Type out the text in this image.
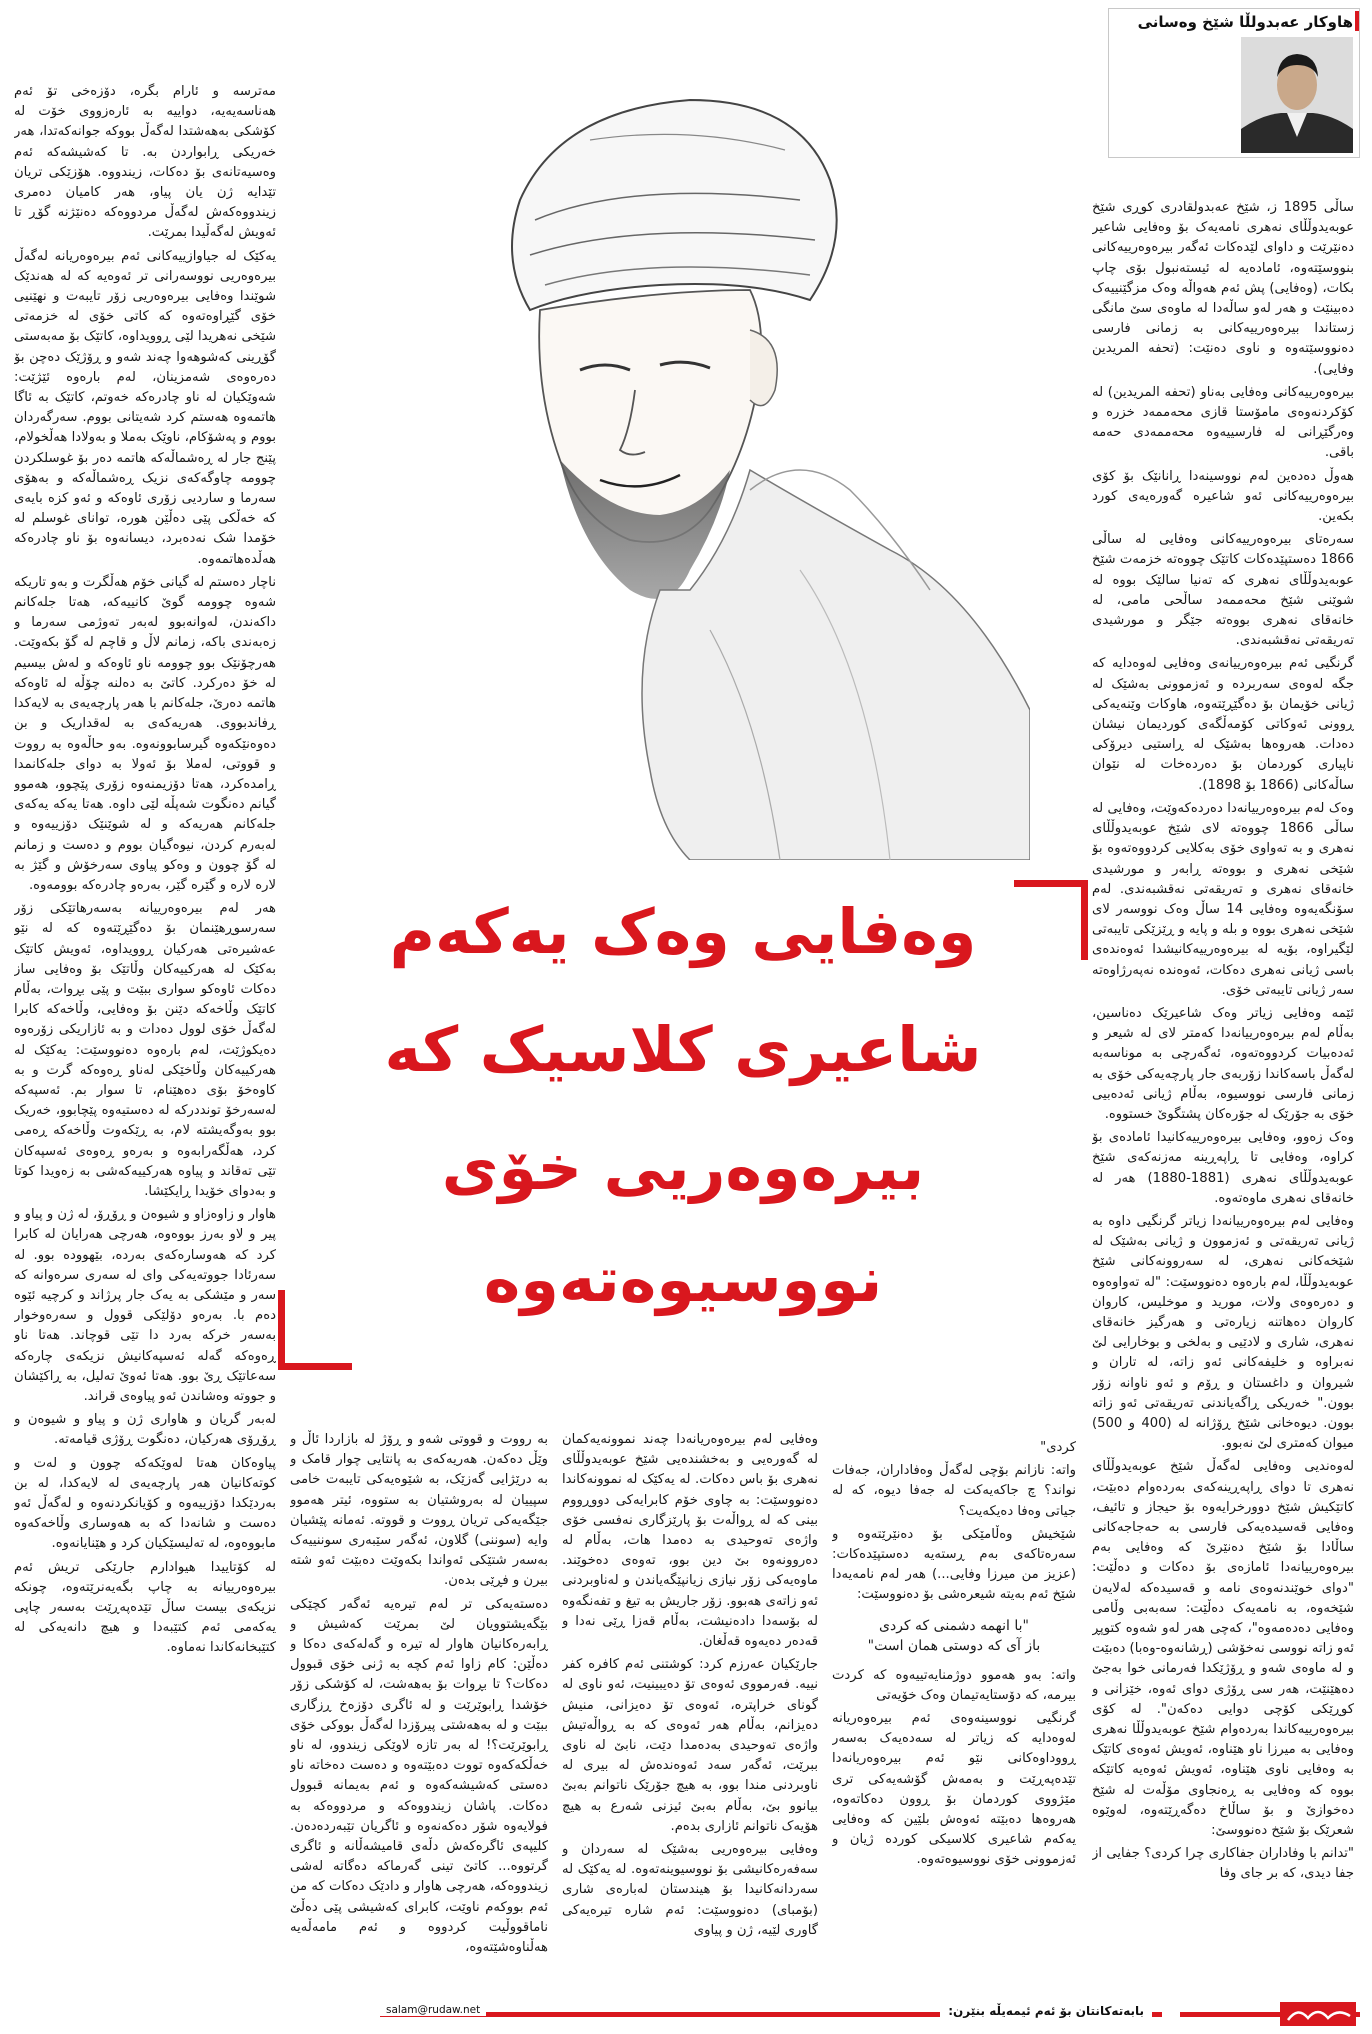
هاوکار عەبدولڵا شێخ وەسانی
وەفایی وەک یەکەم
شاعیری کلاسیک کە
بیرەوەریی خۆی
نووسیوەتەوە

ساڵی 1895 ز، شێخ عەبدولقادری کوڕی شێخ عوبەیدوڵڵای نەهری نامەیەک بۆ وەفایی شاعیر دەنێرێت و داوای لێدەکات ئەگەر بیرەوەرییەکانی بنووسێتەوە، ئامادەیە لە ئیستەنبول بۆی چاپ بکات، (وەفایی) پش ئەم هەواڵە وەک مزگێنییەک دەبینێت و هەر لەو ساڵەدا لە ماوەی سێ مانگی زستاندا بیرەوەرییەکانی بە زمانی فارسی دەنووسێتەوە و ناوی دەنێت: (تحفە المریدین وفایی).

بیرەوەرییەکانی وەفایی بەناو (تحفە المریدین) لە کۆکردنەوەی مامۆستا قازی محەممەد خزرە و وەرگێڕانی لە فارسییەوە محەممەدی حەمە باقی.

هەوڵ دەدەین لەم نووسینەدا ڕانانێک بۆ کۆی بیرەوەرییەکانی ئەو شاعیرە گەورەیەی کورد بکەین.

سەرەتای بیرەوەرییەکانی وەفایی لە ساڵی 1866 دەستپێدەکات کاتێک چووەتە خزمەت شێخ عوبەیدوڵڵای نەهری کە تەنیا سالێک بووە لە شوێنی شێخ محەممەد ساڵحی مامی، لە خانەقای نەهری بووەتە جێگر و مورشیدی تەریقەتی نەقشبەندی.

گرنگیی ئەم بیرەوەرییانەی وەفایی لەوەدایە کە جگە لەوەی سەربردە و ئەزموونی بەشێک لە ژیانی خۆیمان بۆ دەگێڕێتەوە، هاوکات وێنەیەکی ڕوونی ئەوکاتی کۆمەڵگەی کوردیمان نیشان دەدات. هەروەها بەشێک لە ڕاستیی دیرۆکی ناپیاری کوردمان بۆ دەردەخات لە نێوان ساڵەکانی (1866 بۆ 1898).

وەک لەم بیرەوەرییانەدا دەردەکەوێت، وەفایی لە ساڵی 1866 چووەتە لای شێخ عوبەیدوڵڵای نەهری و بە تەواوی خۆی بەکلایی کردووەتەوە بۆ شێخی نەهری و بووەتە ڕابەر و مورشیدی خانەقای نەهری و تەریقەتی نەقشبەندی. لەم سۆنگەیەوە وەفایی 14 ساڵ وەک نووسەر لای شێخی نەهری بووە و بلە و پایە و ڕێزێکی تایبەتی لێگیراوە، بۆیە لە بیرەوەرییەکانیشدا ئەوەندەی باسی ژیانی نەهری دەکات، ئەوەندە نەپەرژاوەتە سەر ژیانی تایبەتی خۆی.

ئێمە وەفایی زیاتر وەک شاعیرێک دەناسین، بەڵام لەم بیرەوەرییانەدا کەمتر لای لە شیعر و ئەدەبیات کردووەتەوە، ئەگەرچی بە موناسەبە لەگەڵ باسەکاندا زۆربەی جار پارچەیەکی خۆی بە زمانی فارسی نووسیوە، بەڵام ژیانی ئەدەبیی خۆی بە جۆرێک لە جۆرەکان پشتگوێ خستووە.

وەک زەوو، وەفایی بیرەوەرییەکانیدا ئامادەی بۆ کراوە، وەفایی تا ڕاپەڕینە مەزنەکەی شێخ عوبەیدوڵڵای نەهری (1881-1880) هەر لە خانەقای نەهری ماوەتەوە.

وەفایی لەم بیرەوەرییانەدا زیاتر گرنگیی داوە بە ژیانی تەریقەتی و ئەزموون و ژیانی بەشێک لە شێخەکانی نەهری، لە سەروونەکانی شێخ عوبەیدوڵڵا، لەم بارەوە دەنووسێت: "لە تەواوەوە و دەرەوەی ولات، مورید و موخلیس، کاروان کاروان دەهاتنە زیارەتی و هەرگیز خانەقای نەهری، شاری و لادێیی و بەلخی و بوخارایی لێ نەبراوە و خلیفەکانی ئەو زاتە، لە تاران و شیروان و داغستان و ڕۆم و ئەو ناوانە زۆر بوون." خەریکی ڕاگەیاندنی تەریقەتی ئەو زاتە بوون. دیوەخانی شێخ ڕۆژانە لە (400 و 500) میوان کەمتری لێ نەبوو.

لەوەندیی وەفایی لەگەڵ شێخ عوبەیدوڵڵای نەهری تا دوای ڕاپەڕینەکەی بەردەوام دەبێت، کاتێکیش شێخ دوورخرایەوە بۆ حیجاز و تائیف، وەفایی قەسیدەیەکی فارسی بە حەجاجەکانی ساڵادا بۆ شێخ دەنێرێ کە وەفایی بەم بیرەوەرییانەدا ئامازەی بۆ دەکات و دەڵێت: "دوای خوێندنەوەی نامە و قەسیدەکە لەلایەن شێخەوە، بە نامەیەک دەڵێت: سەبەبی وڵامی وەفایی دەدەمەوە"، کەچی هەر لەو شەوە کتوپڕ ئەو زاتە نووسی نەخۆشی (ڕشانەوە-وەبا) دەبێت و لە ماوەی شەو و ڕۆژێکدا فەرمانی خوا بەجێ دەهێنێت، هەر سی ڕۆژی دوای ئەوە، خێزانی و کوڕێکی کۆچی دوایی دەکەن". لە کۆی بیرەوەرییەکاندا بەردەوام شێخ عوبەیدوڵڵا نەهری وەفایی بە میرزا ناو هێناوە، ئەویش ئەوەی کاتێک بە وەفایی ناوی هێناوە، ئەویش ئەوەیە کاتێکە بووە کە وەفایی بە ڕەنجاوی مۆڵەت لە شێخ دەخوازێ و بۆ ساڵاخ دەگەڕێتەوە، لەوێوە شعرێک بۆ شێخ دەنووسێ:

"تدانم با وفاداران جفاکاری چرا کردی؟ جفایی از جفا دیدی، که بر جای وفا

مەترسە و ئارام بگرە، دۆزەخی تۆ ئەم هەناسەیەیە، دواییە بە ئارەزووی خۆت لە کۆشکی بەهەشتدا لەگەڵ بووکە جوانەکەتدا، هەر خەریکی ڕابواردن بە. تا کەشیشەکە ئەم وەسیەتانەی بۆ دەکات، زیندووە. هۆزێکی تریان تێدایە ژن یان پیاو، هەر کامیان دەمری زیندووەکەش لەگەڵ مردووەکە دەنێژنە گۆڕ تا ئەویش لەگەڵیدا بمرێت.

یەکێک لە جیاوازییەکانی ئەم بیرەوەریانە لەگەڵ بیرەوەریی نووسەرانی تر ئەوەیە کە لە هەندێک شوێندا وەفایی بیرەوەریی زۆر تایبەت و نهێنیی خۆی گێڕاوەتەوە کە کاتی خۆی لە خزمەتی شێخی نەهریدا لێی ڕوویداوە، کاتێک بۆ مەبەستی گۆڕینی کەشوهەوا چەند شەو و ڕۆژێک دەچن بۆ دەرەوەی شەمزینان، لەم بارەوە ئێژێت: شەوێکیان لە ناو چادرەکە خەوتم، کاتێک بە ئاگا هاتمەوە هەستم کرد شەیتانی بووم. سەرگەردان بووم و پەشۆکام، ناوێک بەملا و بەولادا هەڵخولام، پێنج جار لە ڕەشماڵەکە هاتمە دەر بۆ غوسلکردن چوومە چاوگەکەی نزیک ڕەشماڵەکە و بەهۆی سەرما و ساردیی زۆری ئاوەکە و ئەو کزە بایەی کە خەڵکی پێی دەڵێن هورە، توانای غوسلم لە خۆمدا شک نەدەبرد، دیسانەوە بۆ ناو چادرەکە هەڵدەهاتمەوە.

ناچار دەستم لە گیانی خۆم هەڵگرت و بەو تاریکە شەوە چوومە گوێ کانییەکە، هەتا جلەکانم داکەندن، لەوانەبوو لەبەر تەوژمی سەرما و زەبەندی باکە، زمانم لاڵ و قاچم لە گۆ بکەوێت. هەرچۆنێک بوو چوومە ناو ئاوەکە و لەش بیسیم لە خۆ دەرکرد. کاتێ بە دەلنە چۆڵە لە ئاوەکە هاتمە دەرێ، جلەکانم با هەر پارچەیەی بە لایەکدا ڕفاندبووی. هەریەکەی بە لەقداریک و بن دەوەنێکەوە گیرسابوونەوە. بەو حاڵەوە بە رووت و قووتی، لەملا بۆ ئەولا بە دوای جلەکانمدا ڕامدەکرد، هەتا دۆزیمنەوە زۆری پێچوو، هەموو گیانم دەنگوت شەپڵە لێی داوە. هەتا یەکە یەکەی جلەکانم هەریەکە و لە شوێنێک دۆزییەوە و لەبەرم کردن، نیوەگیان بووم و دەست و زمانم لە گۆ چوون و وەکو پیاوی سەرخۆش و گێژ بە لارە لارە و گێرە گێر، بەرەو چادرەکە بوومەوە.

هەر لەم بیرەوەرییانە بەسەرهاتێکی زۆر سەرسوڕهێنمان بۆ دەگێڕێتەوە کە لە نێو عەشیرەتی هەرکیان ڕوویداوە، ئەویش کاتێک بەکێک لە هەرکییەکان وڵاتێک بۆ وەفایی ساز دەکات ئاوەکو سواری ببێت و پێی بڕوات، بەڵام کاتێک وڵاخەکە دێنن بۆ وەفایی، وڵاخەکە کابرا لەگەڵ خۆی لوول دەدات و بە ئازاریکی زۆرەوە دەیکوژێت، لەم بارەوە دەنووسێت: یەکێک لە هەرکییەکان وڵاخێکی لەناو ڕەوەکە گرت و بە کاوەخۆ بۆی دەهێنام، تا سوار بم. ئەسپەکە لەسەرخۆ تونددرکە لە دەستیەوە پێچابوو، خەریک بوو بەوگەیشتە لام، بە ڕێکەوت وڵاخەکە ڕەمی کرد، هەڵگەرابەوە و بەرەو ڕەوەی ئەسپەکان تێی تەقاند و پیاوە هەرکییەکەشی بە زەویدا کوتا و بەدوای خۆیدا ڕایکێشا.

هاوار و زاوەزاو و شیوەن و ڕۆڕۆ، لە ژن و پیاو و پیر و لاو بەرز بووەوە، هەرچی هەرایان لە کابرا کرد کە هەوسارەکەی بەردە، بێهوودە بوو. لە سەرئادا جووتەیەکی وای لە سەری سرەوانە کە سەر و مێشکی بە یەک جار پرژاند و کرچیە ئێوە دەم با. بەرەو دۆلێکی قوول و سەرەوخوار بەسەر خرکە بەرد دا تێی قوچاند. هەتا ناو ڕەوەکە گەلە ئەسپەکانیش نزیکەی چارەکە سەعاتێک ڕێ بوو. هەتا ئەوێ تەلیل، بە ڕاکێشان و جووتە وەشاندن ئەو پیاوەی قراند.

لەبەر گریان و هاواری ژن و پیاو و شیوەن و ڕۆڕۆی هەرکیان، دەنگوت ڕۆژی قیامەتە.

پیاوەکان هەتا لەوێکەکە چوون و لەت و کوتەکانیان هەر پارچەیەی لە لایەکدا، لە بن بەردێکدا دۆزییەوە و کۆیانکردنەوە و لەگەڵ ئەو دەست و شانەدا کە بە هەوساری وڵاخەکەوە مابووەوە، لە تەلیسێکیان کرد و هێنایانەوە.

لە کۆتاییدا هیوادارم جارێکی تریش ئەم بیرەوەرییانە بە چاپ بگەیەنرێتەوە، چونکە نزیکەی بیست ساڵ تێدەپەڕێت بەسەر چاپی یەکەمی ئەم کتێبەدا و هیچ دانەیەکی لە کتێبخانەکاندا نەماوە.

کردی"

واتە: نازانم بۆچی لەگەڵ وەفاداران، جەفات نواند؟ چ جاکەیەکت لە جەفا دیوە، کە لە جیاتی وەفا دەیکەیت؟

شێخیش وەڵامێکی بۆ دەنێرێتەوە و سەرەتاکەی بەم ڕستەیە دەستپێدەکات: (عزیز من میرزا وفایی...) هەر لەم نامەیەدا شێخ ئەم بەیتە شیعرەشی بۆ دەنووسێت:

"با انهمه دشمنی که کردی
باز آی که دوستی همان است"

واتە: بەو هەموو دوژمنایەتییەوە کە کردت بیرمە، کە دۆستایەتیمان وەک خۆیەتی

گرنگیی نووسینەوەی ئەم بیرەوەریانە لەوەدایە کە زیاتر لە سەدەیەک بەسەر ڕووداوەکانی نێو ئەم بیرەوەریانەدا تێدەپەڕێت و بەمەش گۆشەیەکی تری مێژووی کوردمان بۆ ڕوون دەکاتەوە، هەروەها دەبێتە ئەوەش بلێین کە وەفایی یەکەم شاعیری کلاسیکی کوردە ژیان و ئەزموونی خۆی نووسیوەتەوە.

وەفایی لەم بیرەوەریانەدا چەند نموونەیەکمان لە گەورەیی و بەخشندەیی شێخ عوبەیدوڵڵای نەهری بۆ باس دەکات. لە یەکێک لە نموونەکاندا دەنووسێت: بە چاوی خۆم کابرایەکی دووڕووم بینی کە لە ڕواڵەت بۆ پارێزگاری نەفسی خۆی واژەی تەوحیدی بە دەمدا هات، بەڵام لە دەروونەوە بێ دین بوو، تەوەی دەخوێند. ماوەیەکی زۆر نیازی زیانپێگەیاندن و لەناوبردنی ئەو زاتەی هەبوو. زۆر جاریش بە تیغ و تفەنگەوە لە بۆسەدا دادەنیشت، بەڵام قەزا ڕێی نەدا و قەدەر دەیەوە قەڵغان.

جارێکیان عەرزم کرد: کوشتنی ئەم کافرە کفر نییە. فەرمووی ئەوەی تۆ دەیبینیت، ئەو ناوی لە گونای خراپترە، ئەوەی تۆ دەیزانی، منیش دەیزانم، بەڵام هەر ئەوەی کە بە ڕواڵەتیش واژەی تەوحیدی بەدەمدا دێت، نابێ لە ناوی ببرێت، ئەگەر سەد ئەوەندەش لە بیری لە ناوبردنی مندا بوو، بە هیچ جۆرێک ناتوانم بەبێ بیانوو بێ، بەڵام بەبێ ئیزنی شەرع بە هیچ هۆیەک ناتوانم ئازاری بدەم.

وەفایی بیرەوەریی بەشێک لە سەردان و سەفەرەکانیشی بۆ نووسیوینەتەوە. لە یەکێک لە سەردانەکانیدا بۆ هیندستان لەبارەی شاری (بۆمبای) دەنووسێت: ئەم شارە تیرەیەکی گاوری لێیە، ژن و پیاوی

بە رووت و قووتی شەو و ڕۆژ لە بازاردا ئاڵ و وێڵ دەکەن. هەریەکەی بە پانتایی چوار قامک و بە درێژایی گەزێک، بە شێوەیەکی تایبەت خامی سپییان لە بەروشتیان بە ستووە، ئیتر هەموو جێگەیەکی تریان ڕووت و قووتە. ئەمانە پێشیان وایە (سوننی) گلاون، ئەگەر سێبەری سوننییەک بەسەر شتێکی ئەواندا بکەوێت دەبێت ئەو شتە بیرن و فڕێی بدەن.

دەستەیەکی تر لەم تیرەیە ئەگەر کچێکی بێگەیشتوویان لێ بمرێت کەشیش و ڕابەرەکانیان هاوار لە تیرە و گەلەکەی دەکا و دەڵێن: کام زاوا ئەم کچە بە ژنی خۆی قبوول دەکات؟ تا بڕوات بۆ بەهەشت، لە کۆشکی زۆر خۆشدا ڕابوێرێت و لە ئاگری دۆزەخ ڕزگاری ببێت و لە بەهەشتی پیرۆزدا لەگەڵ بووکی خۆی ڕابوێرێت؟! لە بەر تازە لاوێکی زیندوو، لە ناو خەڵکەکەوە تووت دەبێتەوە و دەست دەخاتە ناو دەستی کەشیشەکەوە و ئەم بەیمانە قبوول دەکات. پاشان زیندووەکە و مردووەکە بە فولایەوە شۆر دەکەنەوە و ئاگریان تێبەردەدەن. کلیپەی ئاگرەکەش دڵەی قامیشەڵانە و ئاگری گرتووە... کاتێ تینی گەرماکە دەگاتە لەشی زیندووەکە، هەرچی هاوار و دادێک دەکات کە من ئەم بووکەم ناوێت، کابرای کەشیشی پێی دەڵێ ناماقووڵیت کردووە و ئەم مامەڵەیە هەڵناوەشێتەوە،

بابەتەکانتان بۆ ئەم ئیمەیڵە بنێرن:
salam@rudaw.net
